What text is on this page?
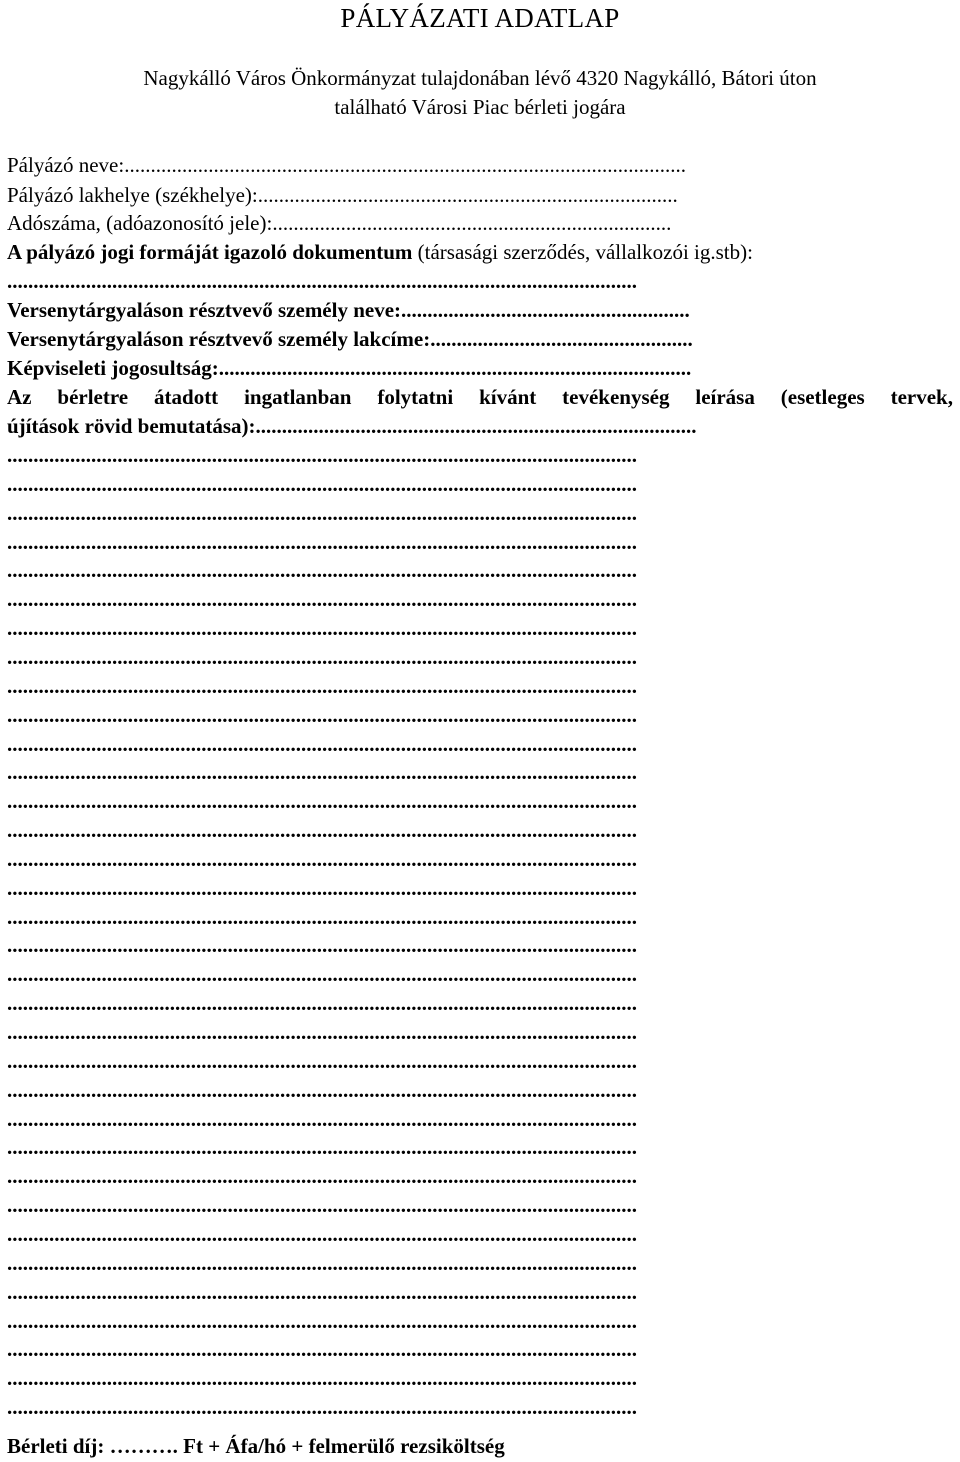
PÁLYÁZATI ADATLAP
Nagykálló Város Önkormányzat tulajdonában lévő 4320 Nagykálló, Bátori úton
található Városi Piac bérleti jogára
Pályázó neve:...........................................................................................................
Pályázó lakhelye (székhelye):................................................................................
Adószáma, (adóazonosító jele):............................................................................
A pályázó jogi formáját igazoló dokumentum (társasági szerződés, vállalkozói ig.stb):
........................................................................................................................
Versenytárgyaláson résztvevő személy neve:.......................................................
Versenytárgyaláson résztvevő személy lakcíme:..................................................
Képviseleti jogosultság:..........................................................................................
Az bérletre átadott ingatlanban folytatni kívánt tevékenység leírása (esetleges tervek,
újítások rövid bemutatása):....................................................................................
........................................................................................................................
........................................................................................................................
........................................................................................................................
........................................................................................................................
........................................................................................................................
........................................................................................................................
........................................................................................................................
........................................................................................................................
........................................................................................................................
........................................................................................................................
........................................................................................................................
........................................................................................................................
........................................................................................................................
........................................................................................................................
........................................................................................................................
........................................................................................................................
........................................................................................................................
........................................................................................................................
........................................................................................................................
........................................................................................................................
........................................................................................................................
........................................................................................................................
........................................................................................................................
........................................................................................................................
........................................................................................................................
........................................................................................................................
........................................................................................................................
........................................................................................................................
........................................................................................................................
........................................................................................................................
........................................................................................................................
........................................................................................................................
........................................................................................................................
........................................................................................................................
Bérleti díj: ………. Ft + Áfa/hó + felmerülő rezsiköltség
